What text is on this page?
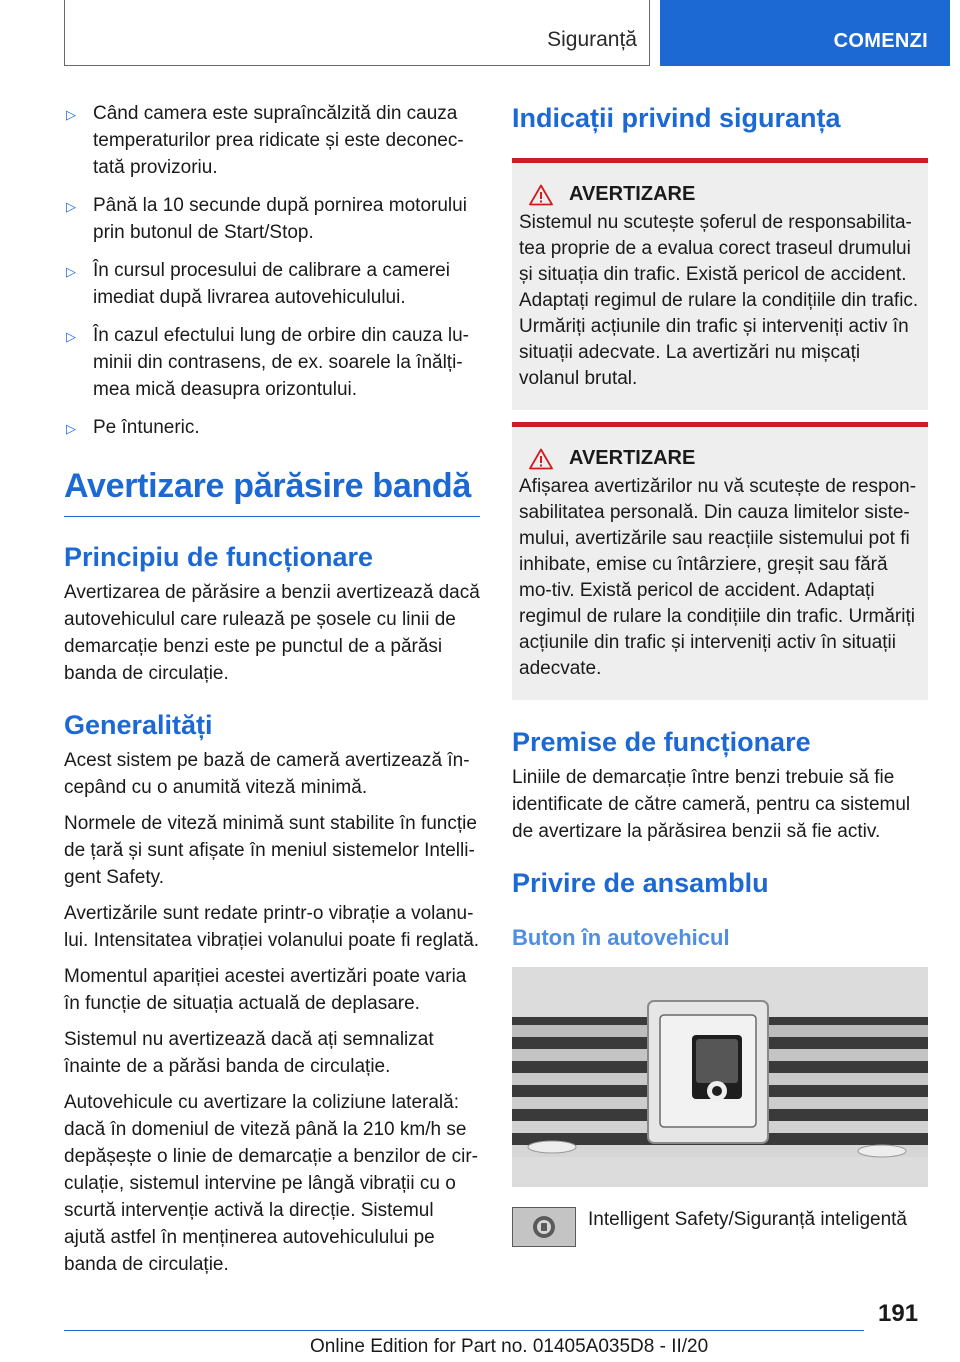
Siguranță	COMENZI
▷ Când camera este supraîncălzită din cauza temperaturilor prea ridicate și este deconec-tată provizoriu.
▷ Până la 10 secunde după pornirea motorului prin butonul de Start/Stop.
▷ În cursul procesului de calibrare a camerei imediat după livrarea autovehiculului.
▷ În cazul efectului lung de orbire din cauza lu-minii din contrasens, de ex. soarele la înălți-mea mică deasupra orizontului.
▷ Pe întuneric.
Avertizare părăsire bandă
Principiu de funcționare

Avertizarea de părăsire a benzii avertizează dacă autovehiculul care rulează pe șosele cu linii de demarcație benzi este pe punctul de a părăsi banda de circulație.

Generalități

Acest sistem pe bază de cameră avertizează în-cepând cu o anumită viteză minimă.

Normele de viteză minimă sunt stabilite în funcție de țară și sunt afișate în meniul sistemelor Intelli-gent Safety.

Avertizările sunt redate printr-o vibrație a volanu-lui. Intensitatea vibrației volanului poate fi reglată.

Momentul apariției acestei avertizări poate varia în funcție de situația actuală de deplasare.

Sistemul nu avertizează dacă ați semnalizat înainte de a părăsi banda de circulație.

Autovehicule cu avertizare la coliziune laterală: dacă în domeniul de viteză până la 210 km/h se depășește o linie de demarcație a benzilor de cir-culație, sistemul intervine pe lângă vibrații cu o scurtă intervenție activă la direcție. Sistemul ajută astfel în menținerea autovehiculului pe banda de circulație.

Indicații privind siguranța
AVERTIZARE
Sistemul nu scutește șoferul de responsabilita-tea proprie de a evalua corect traseul drumului și situația din trafic. Există pericol de accident. Adaptați regimul de rulare la condițiile din trafic. Urmăriți acțiunile din trafic și interveniți activ în situații adecvate. La avertizări nu mișcați volanul brutal.
AVERTIZARE
Afișarea avertizărilor nu vă scutește de respon-sabilitatea personală. Din cauza limitelor siste-mului, avertizările sau reacțiile sistemului pot fi inhibate, emise cu întârziere, greșit sau fără mo-tiv. Există pericol de accident. Adaptați regimul de rulare la condițiile din trafic. Urmăriți acțiunile din trafic și interveniți activ în situații adecvate.
Premise de funcționare

Liniile de demarcație între benzi trebuie să fie identificate de către cameră, pentru ca sistemul de avertizare la părăsirea benzii să fie activ.

Privire de ansamblu
Buton în autovehicul
Intelligent Safety/Siguranță inteligentă
191
Online Edition for Part no. 01405A035D8 - II/20
